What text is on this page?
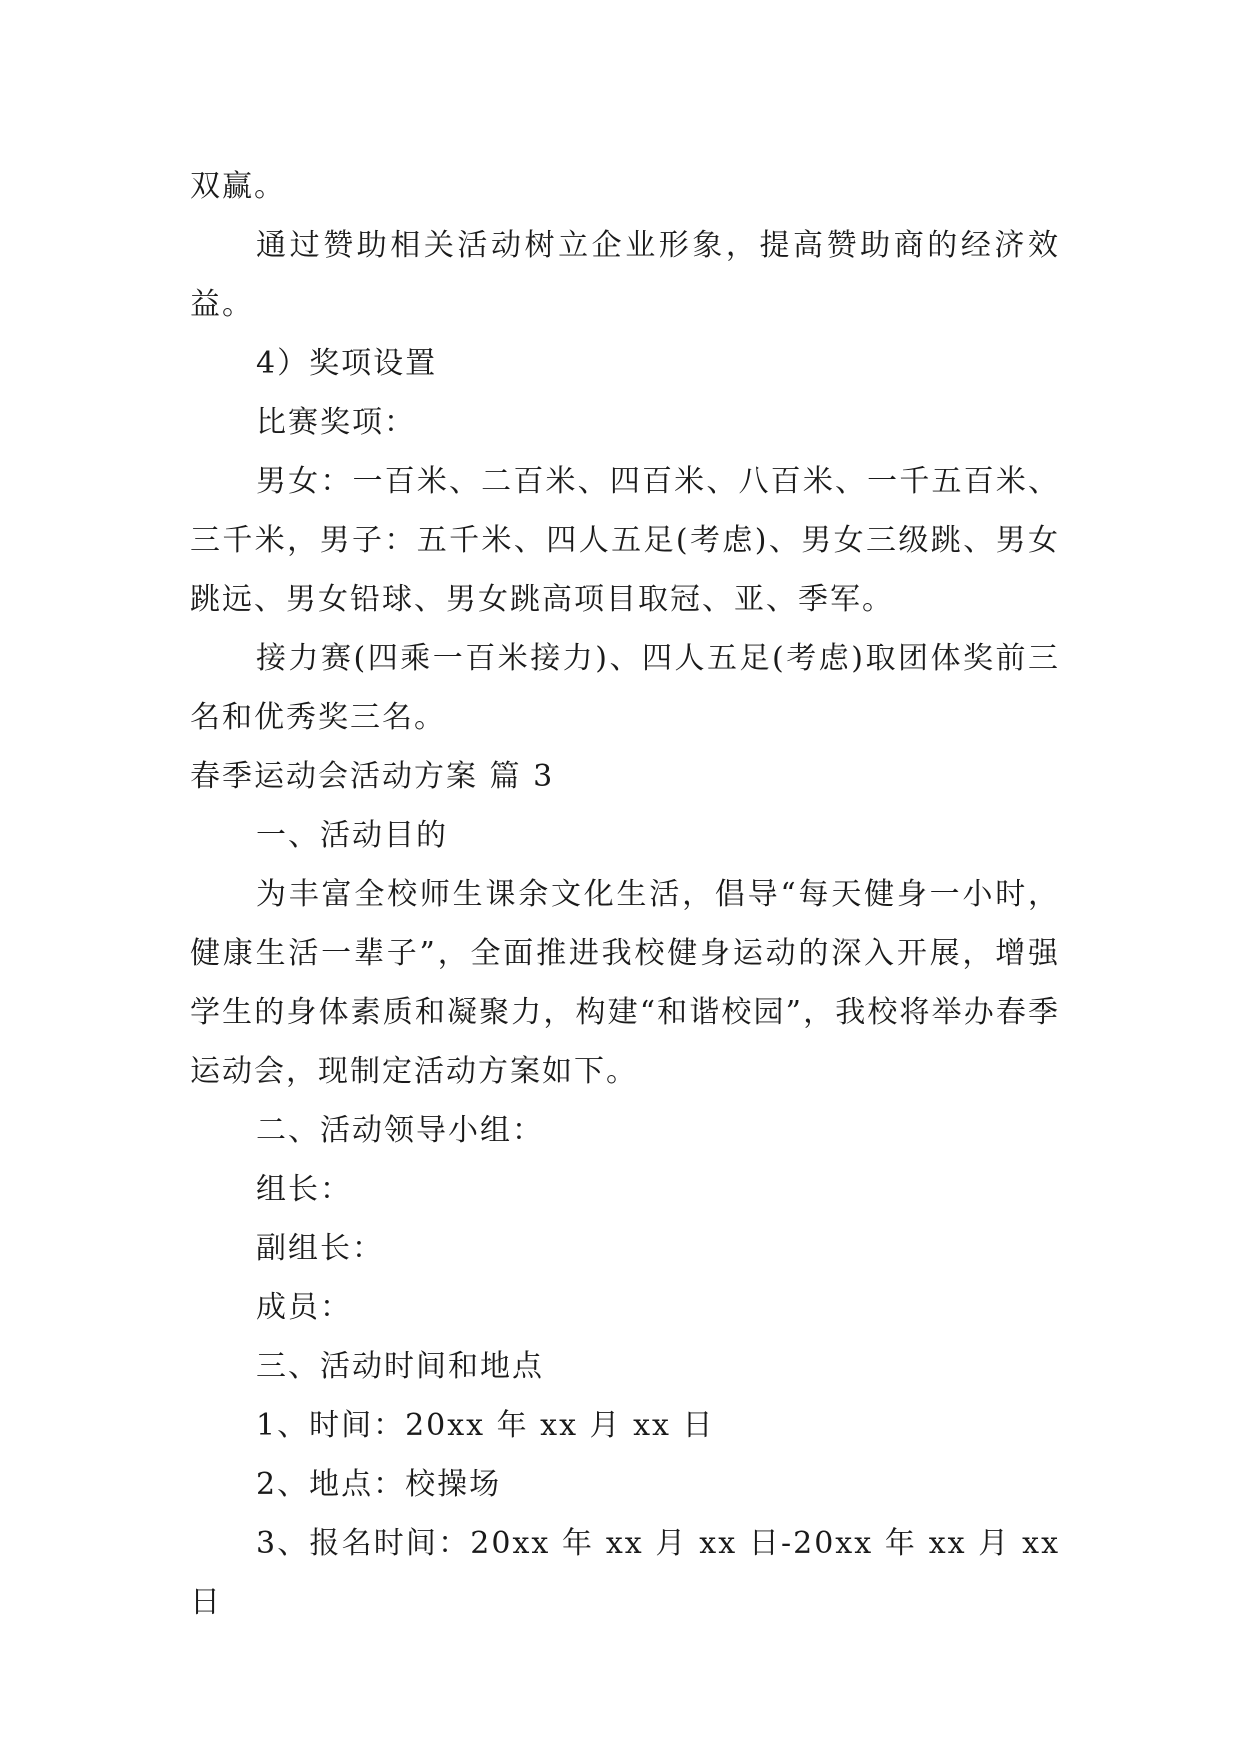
双赢。

通过赞助相关活动树立企业形象，提高赞助商的经济效益。

4）奖项设置

比赛奖项：

男女：一百米、二百米、四百米、八百米、一千五百米、三千米，男子：五千米、四人五足(考虑)、男女三级跳、男女跳远、男女铅球、男女跳高项目取冠、亚、季军。

接力赛(四乘一百米接力)、四人五足(考虑)取团体奖前三名和优秀奖三名。

春季运动会活动方案 篇 3

一、活动目的

为丰富全校师生课余文化生活，倡导“每天健身一小时，健康生活一辈子”，全面推进我校健身运动的深入开展，增强学生的身体素质和凝聚力，构建“和谐校园”，我校将举办春季运动会，现制定活动方案如下。

二、活动领导小组：

组长：

副组长：

成员：

三、活动时间和地点

1、时间：20xx 年 xx 月 xx 日

2、地点：校操场

3、报名时间：20xx 年 xx 月 xx 日-20xx 年 xx 月 xx 日
